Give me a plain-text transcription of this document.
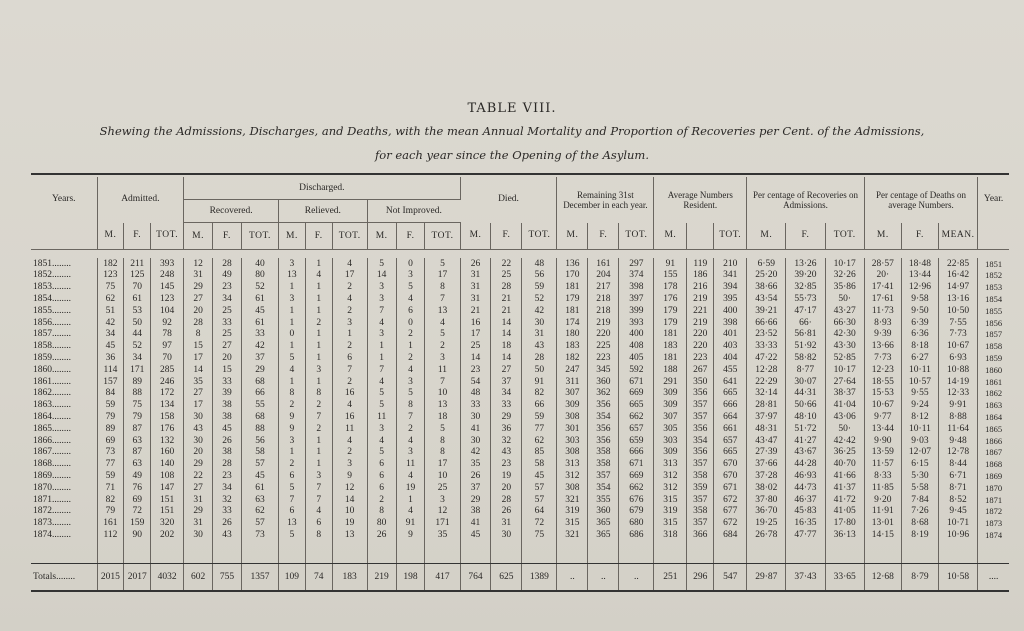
TABLE VIII.
Shewing the Admissions, Discharges, and Deaths, with the mean Annual Mortality and Proportion of Recoveries per Cent. of the Admissions,
for each year since the Opening of the Asylum.

Years.	Admitted.			Discharged.									Died.			Remaining 31st December in each year.			Average Numbers Resident.			Per centage of Recoveries on Admissions.			Per centage of Deaths on average Numbers.			Year.
				Recovered.			Relieved.			Not Improved.																		
	M.	F.	TOT.	M.	F.	TOT.	M.	F.	TOT.	M.	F.	TOT.	M.	F.	TOT.	M.	F.	TOT.	M.		TOT.	M.	F.	TOT.	M.	F.	MEAN.	

1851........	182	211	393	12	28	40	3	1	4	5	0	5	26	22	48	136	161	297	91	119	210	6·59	13·26	10·17	28·57	18·48	22·85	1851
1852........	123	125	248	31	49	80	13	4	17	14	3	17	31	25	56	170	204	374	155	186	341	25·20	39·20	32·26	20·	13·44	16·42	1852
1853........	75	70	145	29	23	52	1	1	2	3	5	8	31	28	59	181	217	398	178	216	394	38·66	32·85	35·86	17·41	12·96	14·97	1853
1854........	62	61	123	27	34	61	3	1	4	3	4	7	31	21	52	179	218	397	176	219	395	43·54	55·73	50·	17·61	9·58	13·16	1854
1855........	51	53	104	20	25	45	1	1	2	7	6	13	21	21	42	181	218	399	179	221	400	39·21	47·17	43·27	11·73	9·50	10·50	1855
1856........	42	50	92	28	33	61	1	2	3	4	0	4	16	14	30	174	219	393	179	219	398	66·66	66·	66·30	8·93	6·39	7·55	1856
1857........	34	44	78	8	25	33	0	1	1	3	2	5	17	14	31	180	220	400	181	220	401	23·52	56·81	42·30	9·39	6·36	7·73	1857
1858........	45	52	97	15	27	42	1	1	2	1	1	2	25	18	43	183	225	408	183	220	403	33·33	51·92	43·30	13·66	8·18	10·67	1858
1859........	36	34	70	17	20	37	5	1	6	1	2	3	14	14	28	182	223	405	181	223	404	47·22	58·82	52·85	7·73	6·27	6·93	1859
1860........	114	171	285	14	15	29	4	3	7	7	4	11	23	27	50	247	345	592	188	267	455	12·28	8·77	10·17	12·23	10·11	10·88	1860
1861........	157	89	246	35	33	68	1	1	2	4	3	7	54	37	91	311	360	671	291	350	641	22·29	30·07	27·64	18·55	10·57	14·19	1861
1862........	84	88	172	27	39	66	8	8	16	5	5	10	48	34	82	307	362	669	309	356	665	32·14	44·31	38·37	15·53	9·55	12·33	1862
1863........	59	75	134	17	38	55	2	2	4	5	8	13	33	33	66	309	356	665	309	357	666	28·81	50·66	41·04	10·67	9·24	9·91	1863
1864........	79	79	158	30	38	68	9	7	16	11	7	18	30	29	59	308	354	662	307	357	664	37·97	48·10	43·06	9·77	8·12	8·88	1864
1865........	89	87	176	43	45	88	9	2	11	3	2	5	41	36	77	301	356	657	305	356	661	48·31	51·72	50·	13·44	10·11	11·64	1865
1866........	69	63	132	30	26	56	3	1	4	4	4	8	30	32	62	303	356	659	303	354	657	43·47	41·27	42·42	9·90	9·03	9·48	1866
1867........	73	87	160	20	38	58	1	1	2	5	3	8	42	43	85	308	358	666	309	356	665	27·39	43·67	36·25	13·59	12·07	12·78	1867
1868........	77	63	140	29	28	57	2	1	3	6	11	17	35	23	58	313	358	671	313	357	670	37·66	44·28	40·70	11·57	6·15	8·44	1868
1869........	59	49	108	22	23	45	6	3	9	6	4	10	26	19	45	312	357	669	312	358	670	37·28	46·93	41·66	8·33	5·30	6·71	1869
1870........	71	76	147	27	34	61	5	7	12	6	19	25	37	20	57	308	354	662	312	359	671	38·02	44·73	41·37	11·85	5·58	8·71	1870
1871........	82	69	151	31	32	63	7	7	14	2	1	3	29	28	57	321	355	676	315	357	672	37·80	46·37	41·72	9·20	7·84	8·52	1871
1872........	79	72	151	29	33	62	6	4	10	8	4	12	38	26	64	319	360	679	319	358	677	36·70	45·83	41·05	11·91	7·26	9·45	1872
1873........	161	159	320	31	26	57	13	6	19	80	91	171	41	31	72	315	365	680	315	357	672	19·25	16·35	17·80	13·01	8·68	10·71	1873
1874........	112	90	202	30	43	73	5	8	13	26	9	35	45	30	75	321	365	686	318	366	684	26·78	47·77	36·13	14·15	8·19	10·96	1874

Totals........	2015	2017	4032	602	755	1357	109	74	183	219	198	417	764	625	1389	..	..	..	251	296	547	29·87	37·43	33·65	12·68	8·79	10·58	....
